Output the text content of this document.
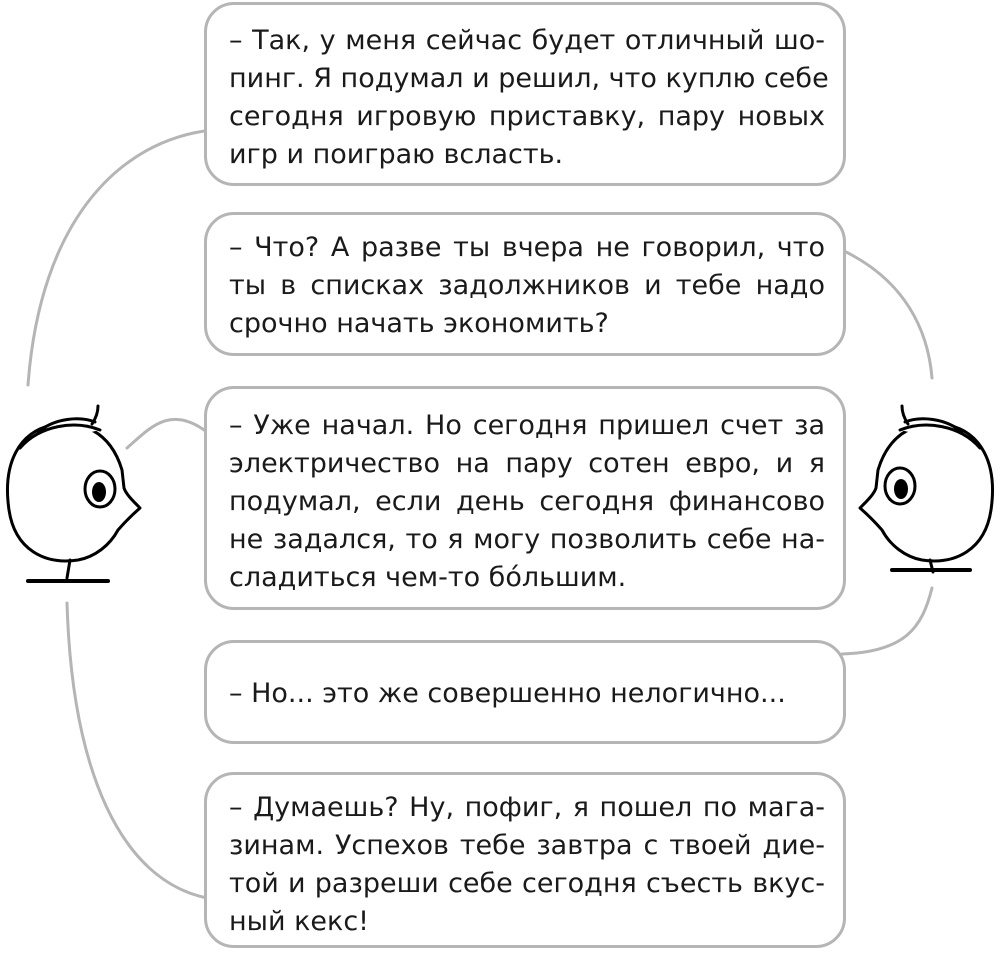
– Так, у меня сейчас будет отличный шо-
пинг. Я подумал и решил, что куплю себе
сегодня игровую приставку, пару новых
игр и поиграю всласть.
– Что? А разве ты вчера не говорил, что
ты в списках задолжников и тебе надо
срочно начать экономить?
– Уже начал. Но сегодня пришел счет за
электричество на пару сотен евро, и я
подумал, если день сегодня финансово
не задался, то я могу позволить себе на-
сладиться чем-то бо́льшим.
– Но... это же совершенно нелогично...
– Думаешь? Ну, пофиг, я пошел по мага-
зинам. Успехов тебе завтра с твоей дие-
той и разреши себе сегодня съесть вкус-
ный кекс!
